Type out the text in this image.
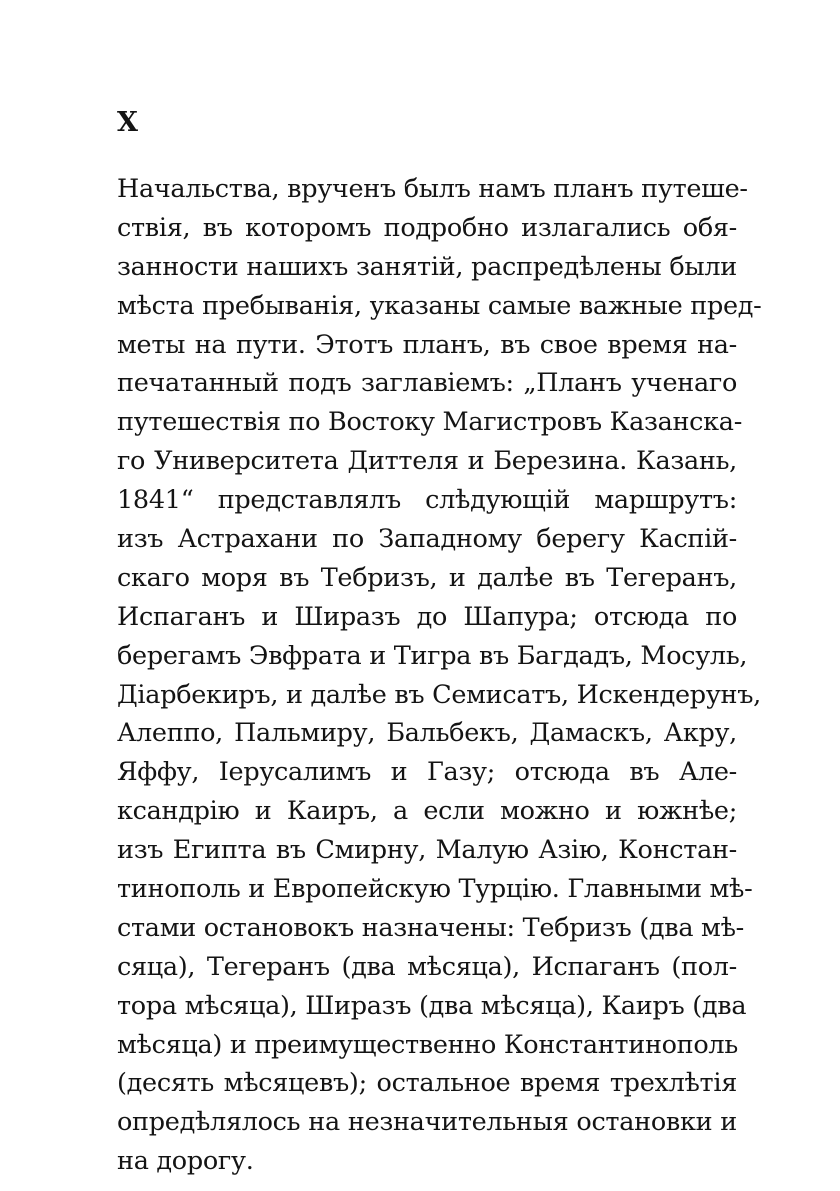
X
Начальства, врученъ былъ намъ планъ путеше-
ствія, въ которомъ подробно излагались обя-
занности нашихъ занятій, распредѣлены были
мѣста пребыванія, указаны самые важные пред-
меты на пути. Этотъ планъ, въ свое время на-
печатанный подъ заглавіемъ: „Планъ ученаго
путешествія по Востоку Магистровъ Казанска-
го Университета Диттеля и Березина. Казань,
1841“ представлялъ слѣдующій маршрутъ:
изъ Астрахани по Западному берегу Каспій-
скаго моря въ Тебризъ, и далѣе въ Тегеранъ,
Испаганъ и Ширазъ до Шапура; отсюда по
берегамъ Эвфрата и Тигра въ Багдадъ, Мосуль,
Діарбекиръ, и далѣе въ Семисатъ, Искендерунъ,
Алеппо, Пальмиру, Бальбекъ, Дамаскъ, Акру,
Яффу, Іерусалимъ и Газу; отсюда въ Але-
ксандрію и Каиръ, а если можно и южнѣе;
изъ Египта въ Смирну, Малую Азію, Констан-
тинополь и Европейскую Турцію. Главными мѣ-
стами остановокъ назначены: Тебризъ (два мѣ-
сяца), Тегеранъ (два мѣсяца), Испаганъ (пол-
тора мѣсяца), Ширазъ (два мѣсяца), Каиръ (два
мѣсяца) и преимущественно Константинополь
(десять мѣсяцевъ); остальное время трехлѣтія
опредѣлялось на незначительныя остановки и
на дорогу.
